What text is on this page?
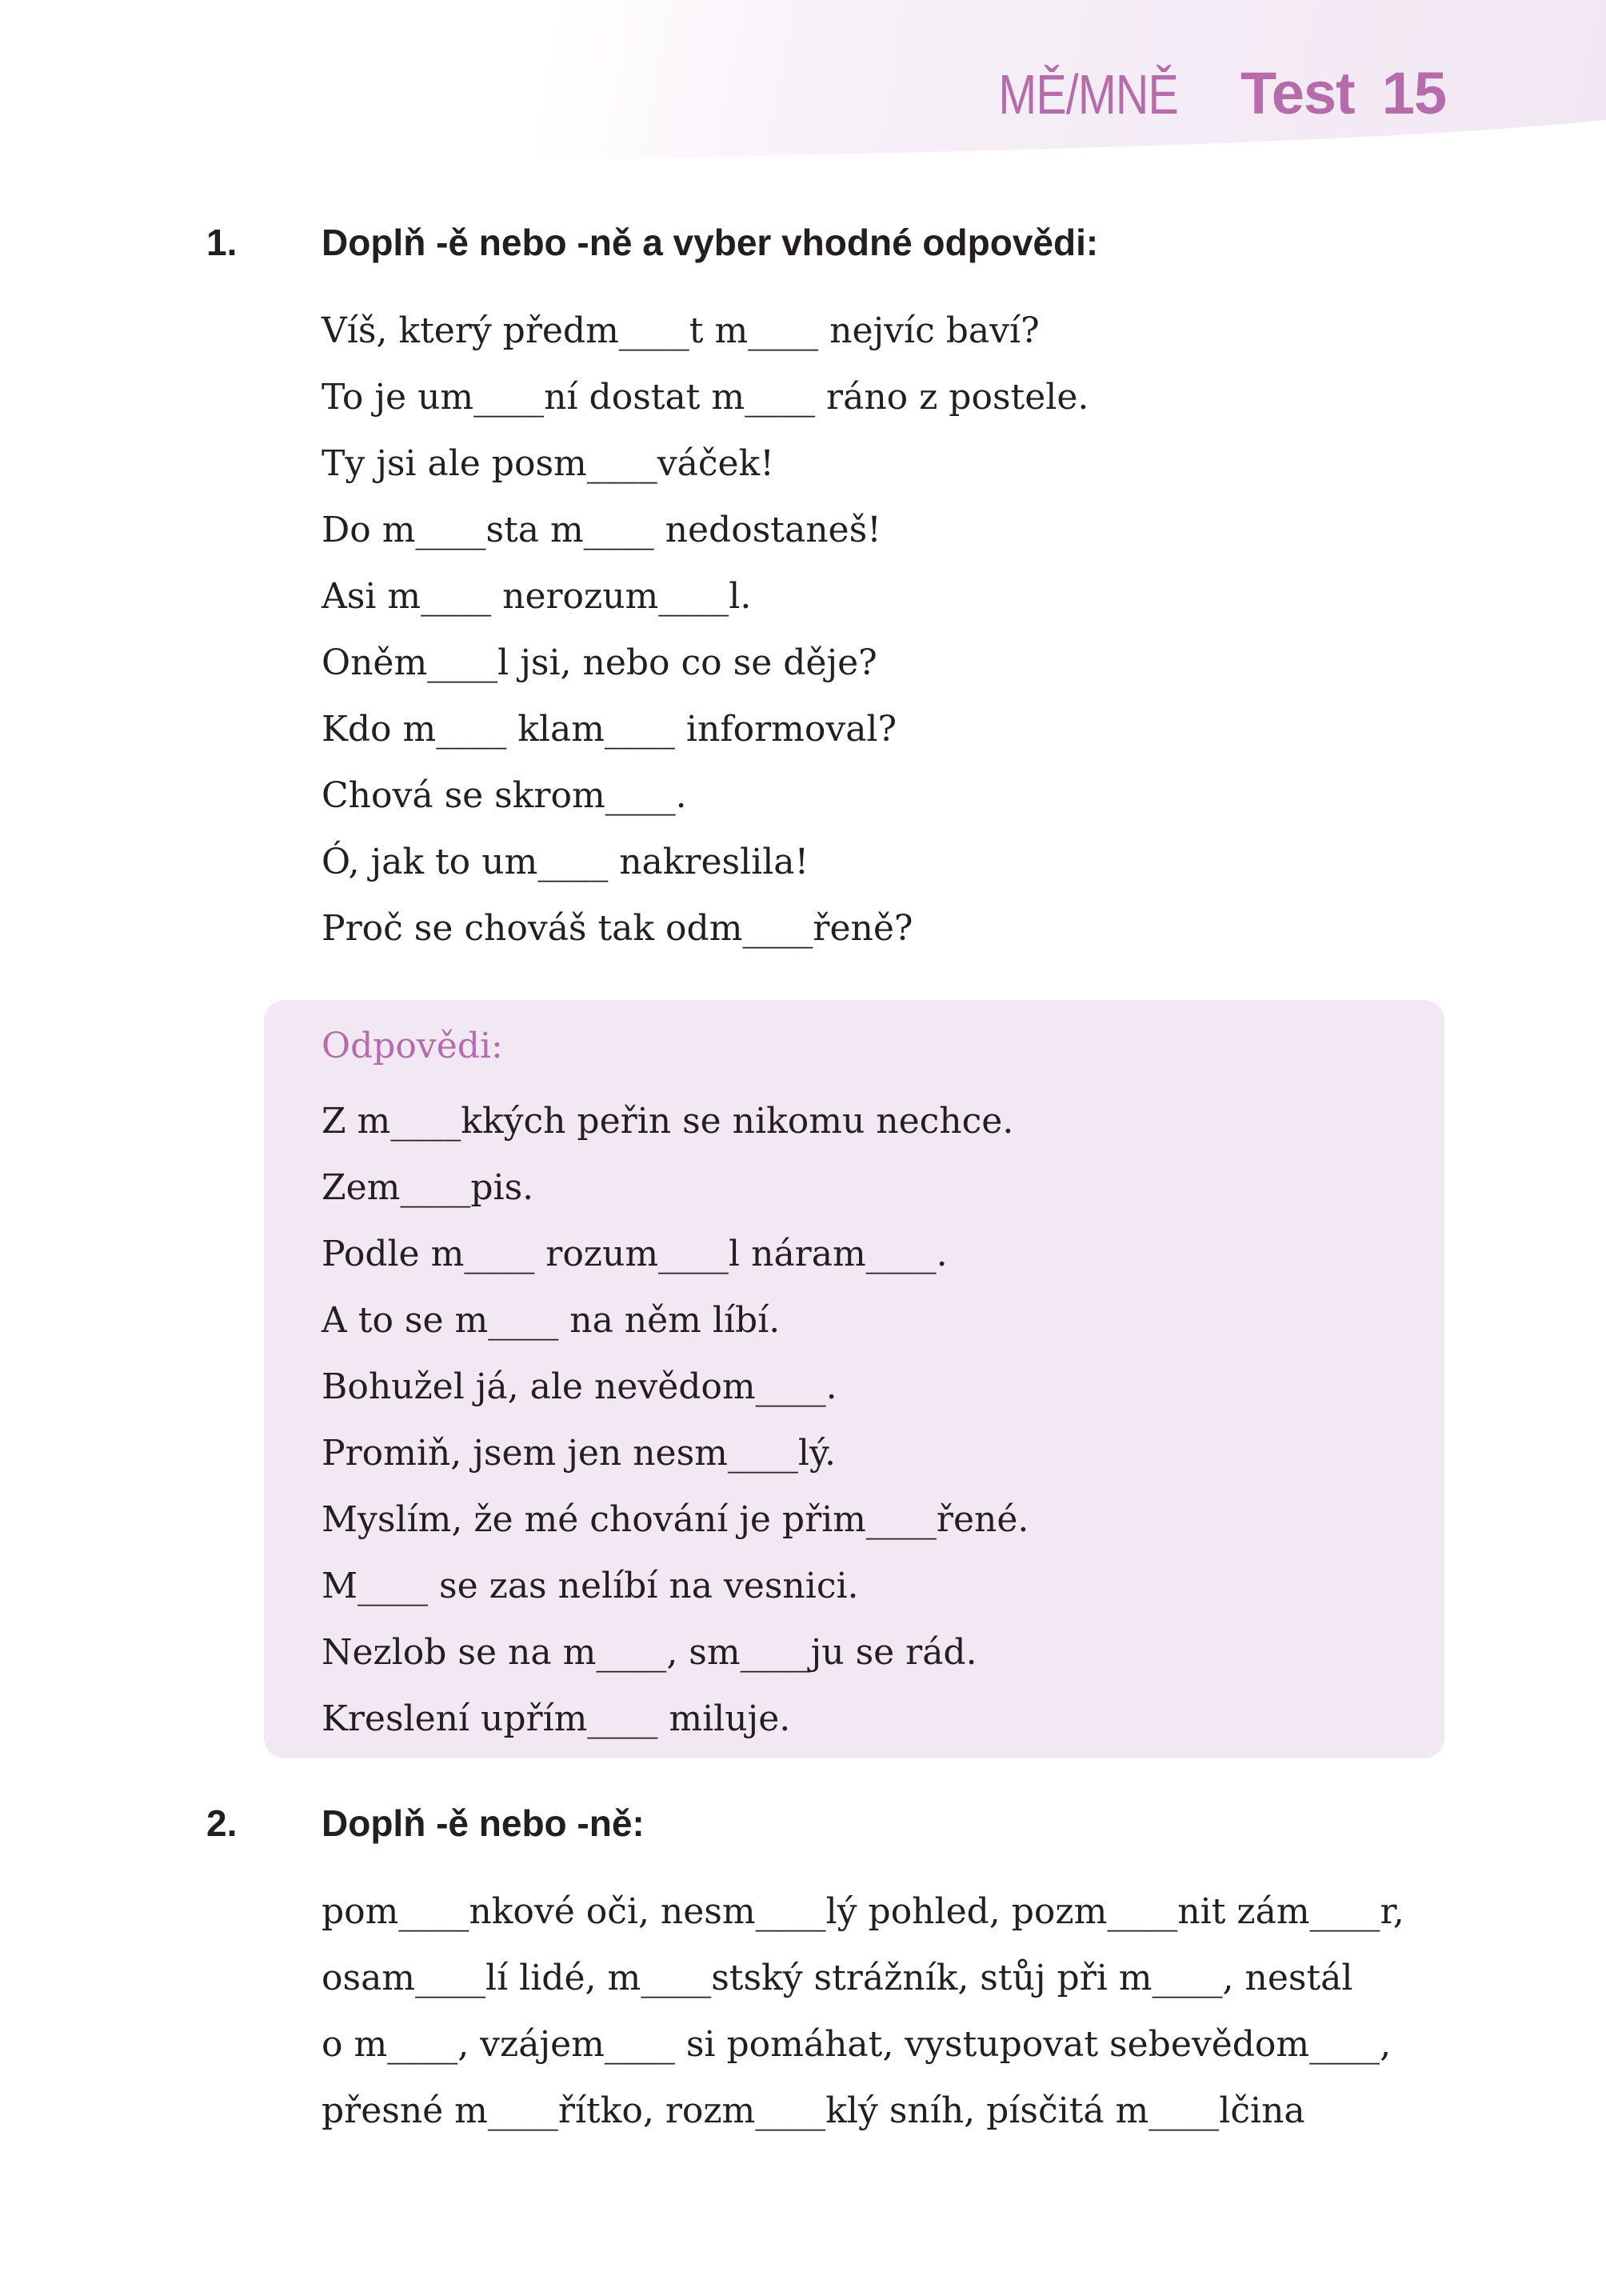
MĚ/MNĚ Test 15
1. Doplň -ě nebo -ně a vyber vhodné odpovědi:
Víš, který předm____t m____ nejvíc baví?
To je um____ní dostat m____ ráno z postele.
Ty jsi ale posm____váček!
Do m____sta m____ nedostaneš!
Asi m____ nerozum____l.
Oněm____l jsi, nebo co se děje?
Kdo m____ klam____ informoval?
Chová se skrom____.
Ó, jak to um____ nakreslila!
Proč se chováš tak odm____řeně?
Odpovědi:
Z m____kkých peřin se nikomu nechce.
Zem____pis.
Podle m____ rozum____l náram____.
A to se m____ na něm líbí.
Bohužel já, ale nevědom____.
Promiň, jsem jen nesm____lý.
Myslím, že mé chování je přim____řené.
M____ se zas nelíbí na vesnici.
Nezlob se na m____, sm____ju se rád.
Kreslení upřím____ miluje.
2. Doplň -ě nebo -ně:
pom____nkové oči, nesm____lý pohled, pozm____nit zám____r,
osam____lí lidé, m____stský strážník, stůj při m____, nestál
o m____, vzájem____ si pomáhat, vystupovat sebevědom____,
přesné m____řítko, rozm____klý sníh, písčitá m____lčina
